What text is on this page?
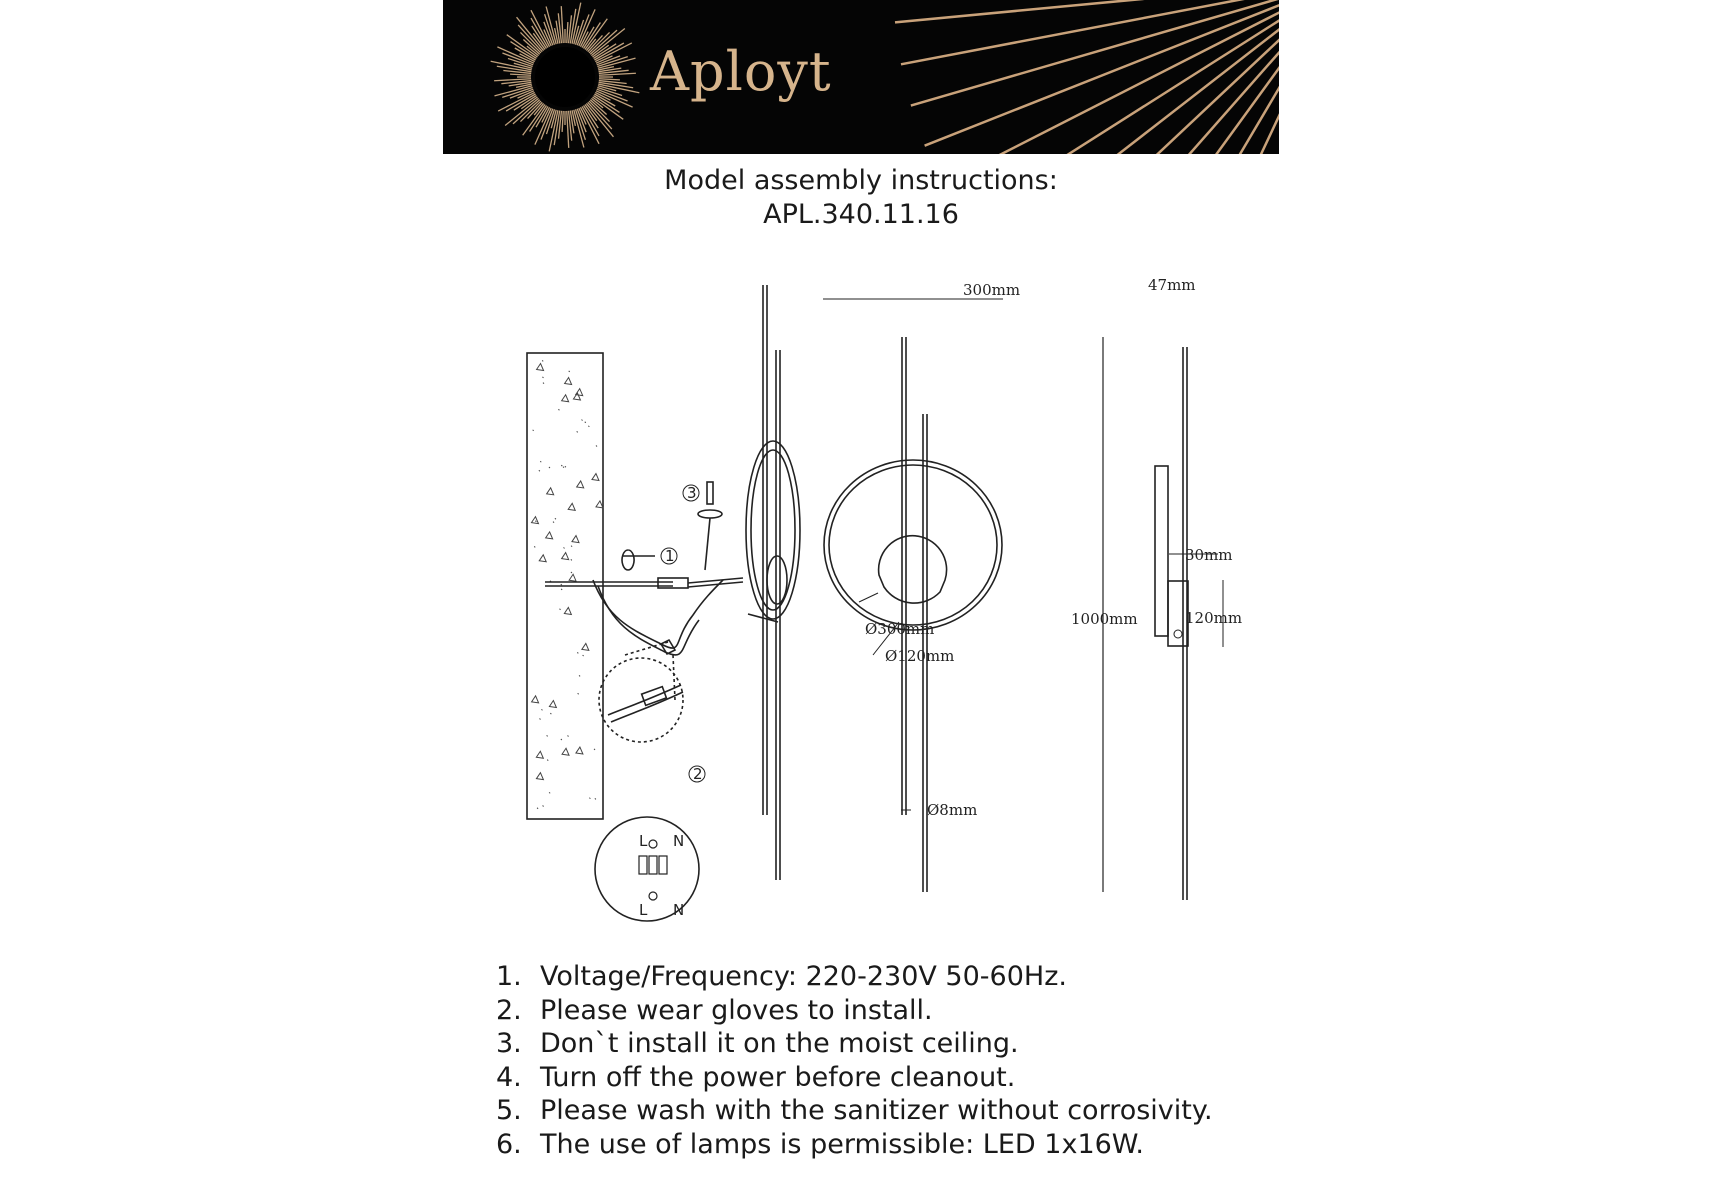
Aployt
Model assembly instructions:
APL.340.11.16
1
2
3
300mm	47mm
1000mm
Ø300mm
Ø120mm
Ø8mm
30mm
120mm
L N
L N
1. Voltage/Frequency: 220-230V 50-60Hz.
2. Please wear gloves to install.
3. Don`t install it on the moist ceiling.
4. Turn off the power before cleanout.
5. Please wash with the sanitizer without corrosivity.
6. The use of lamps is permissible: LED 1x16W.
